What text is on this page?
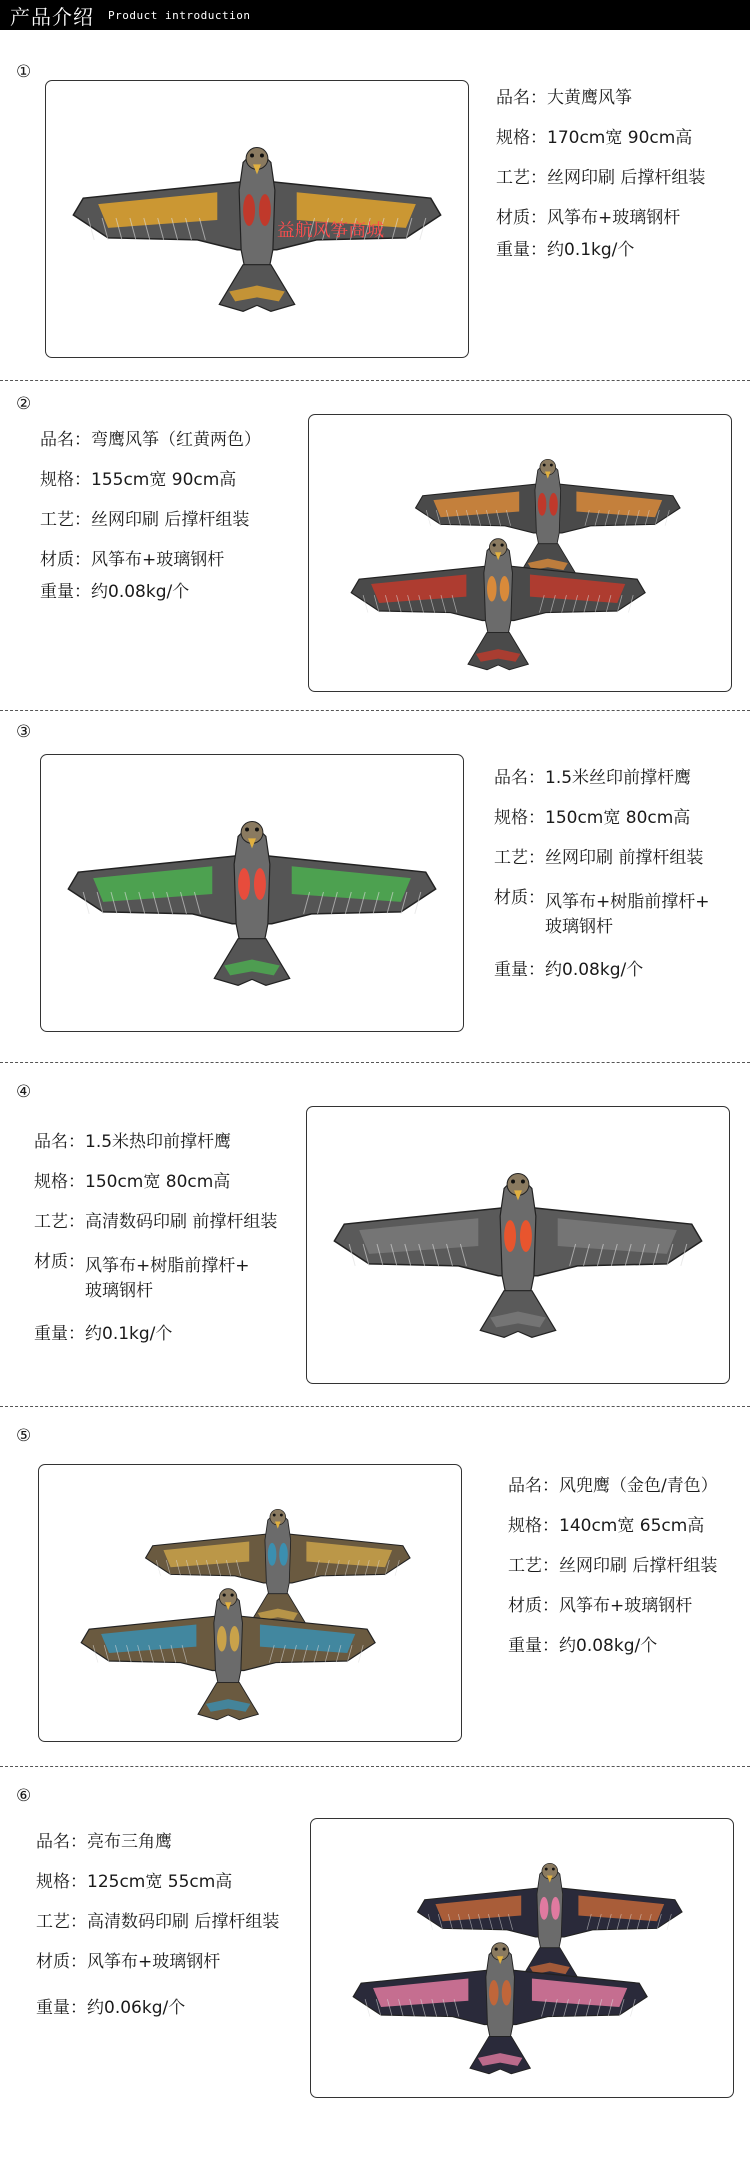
产品介绍 Product introduction
①
益航风筝商城
品名： 大黄鹰风筝
规格： 170cm宽 90cm高
工艺： 丝网印刷 后撑杆组装
材质： 风筝布+玻璃钢杆
重量： 约0.1kg/个
②
品名： 弯鹰风筝（红黄两色）
规格： 155cm宽 90cm高
工艺： 丝网印刷 后撑杆组装
材质： 风筝布+玻璃钢杆
重量： 约0.08kg/个
③
品名： 1.5米丝印前撑杆鹰
规格： 150cm宽 80cm高
工艺： 丝网印刷 前撑杆组装
材质： 风筝布+树脂前撑杆+
玻璃钢杆
重量： 约0.08kg/个
④
品名： 1.5米热印前撑杆鹰
规格： 150cm宽 80cm高
工艺： 高清数码印刷 前撑杆组装
材质： 风筝布+树脂前撑杆+
玻璃钢杆
重量： 约0.1kg/个
⑤
品名： 风兜鹰（金色/青色）
规格： 140cm宽 65cm高
工艺： 丝网印刷 后撑杆组装
材质： 风筝布+玻璃钢杆
重量： 约0.08kg/个
⑥
品名： 亮布三角鹰
规格： 125cm宽 55cm高
工艺： 高清数码印刷 后撑杆组装
材质： 风筝布+玻璃钢杆
重量： 约0.06kg/个
